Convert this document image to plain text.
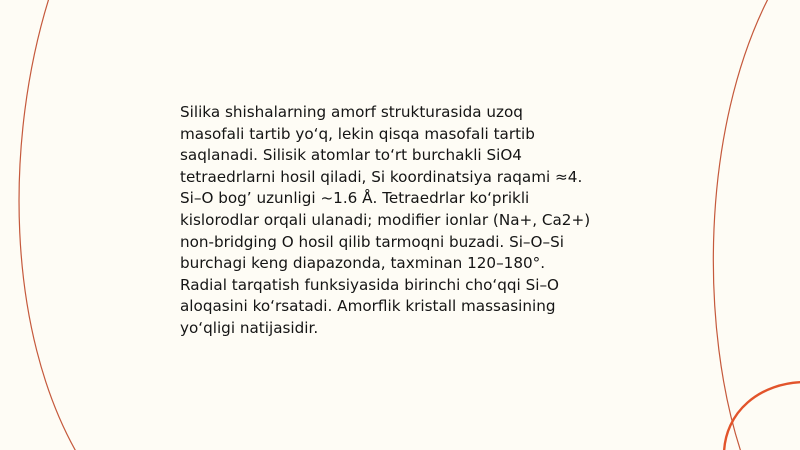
Silika shishalarning amorf strukturasida uzoq
masofali tartib yo‘q, lekin qisqa masofali tartib
saqlanadi. Silisik atomlar to‘rt burchakli SiO4
tetraedrlarni hosil qiladi, Si koordinatsiya raqami ≈4.
Si–O bog’ uzunligi ~1.6 Å. Tetraedrlar ko‘prikli
kislorodlar orqali ulanadi; modifier ionlar (Na+, Ca2+)
non-bridging O hosil qilib tarmoqni buzadi. Si–O–Si
burchagi keng diapazonda, taxminan 120–180°.
Radial tarqatish funksiyasida birinchi cho‘qqi Si–O
aloqasini ko‘rsatadi. Amorflik kristall massasining
yo‘qligi natijasidir.
